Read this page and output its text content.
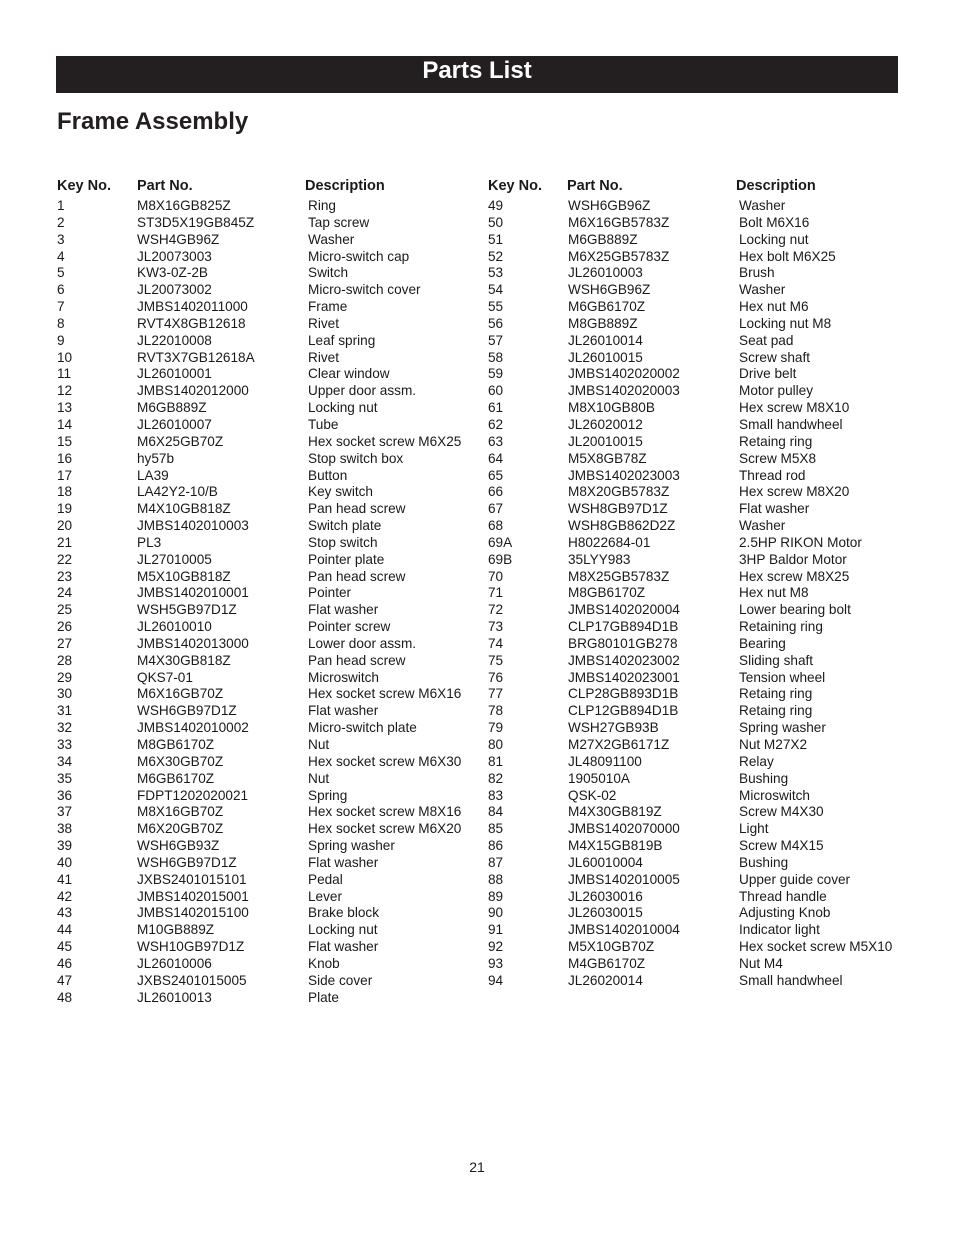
Parts List
Frame Assembly
Key No. Part No.	Description
1	M8X16GB825Z	Ring
2	ST3D5X19GB845Z	Tap screw
3	WSH4GB96Z	Washer
4	JL20073003	Micro-switch cap
5	KW3-0Z-2B	Switch
6	JL20073002	Micro-switch cover
7	JMBS1402011000	Frame
8	RVT4X8GB12618	Rivet
9	JL22010008	Leaf spring
10	RVT3X7GB12618A	Rivet
11	JL26010001	Clear window
12	JMBS1402012000	Upper door assm.
13	M6GB889Z	Locking nut
14	JL26010007	Tube
15	M6X25GB70Z	Hex socket screw M6X25
16	hy57b	Stop switch box
17	LA39	Button
18	LA42Y2-10/B	Key switch
19	M4X10GB818Z	Pan head screw
20	JMBS1402010003	Switch plate
21	PL3	Stop switch
22	JL27010005	Pointer plate
23	M5X10GB818Z	Pan head screw
24	JMBS1402010001	Pointer
25	WSH5GB97D1Z	Flat washer
26	JL26010010	Pointer screw
27	JMBS1402013000	Lower door assm.
28	M4X30GB818Z	Pan head screw
29	QKS7-01	Microswitch
30	M6X16GB70Z	Hex socket screw M6X16
31	WSH6GB97D1Z	Flat washer
32	JMBS1402010002	Micro-switch plate
33	M8GB6170Z	Nut
34	M6X30GB70Z	Hex socket screw M6X30
35	M6GB6170Z	Nut
36	FDPT1202020021	Spring
37	M8X16GB70Z	Hex socket screw M8X16
38	M6X20GB70Z	Hex socket screw M6X20
39	WSH6GB93Z	Spring washer
40	WSH6GB97D1Z	Flat washer
41	JXBS2401015101	Pedal
42	JMBS1402015001	Lever
43	JMBS1402015100	Brake block
44	M10GB889Z	Locking nut
45	WSH10GB97D1Z	Flat washer
46	JL26010006	Knob
47	JXBS2401015005	Side cover
48	JL26010013	Plate
Key No. Part No.	Description
49	WSH6GB96Z	Washer
50	M6X16GB5783Z	Bolt M6X16
51	M6GB889Z	Locking nut
52	M6X25GB5783Z	Hex bolt M6X25
53	JL26010003	Brush
54	WSH6GB96Z	Washer
55	M6GB6170Z	Hex nut M6
56	M8GB889Z	Locking nut M8
57	JL26010014	Seat pad
58	JL26010015	Screw shaft
59	JMBS1402020002	Drive belt
60	JMBS1402020003	Motor pulley
61	M8X10GB80B	Hex screw M8X10
62	JL26020012	Small handwheel
63	JL20010015	Retaing ring
64	M5X8GB78Z	Screw M5X8
65	JMBS1402023003	Thread rod
66	M8X20GB5783Z	Hex screw M8X20
67	WSH8GB97D1Z	Flat washer
68	WSH8GB862D2Z	Washer
69A	H8022684-01	2.5HP RIKON Motor
69B	35LYY983	3HP Baldor Motor
70	M8X25GB5783Z	Hex screw M8X25
71	M8GB6170Z	Hex nut M8
72	JMBS1402020004	Lower bearing bolt
73	CLP17GB894D1B	Retaining ring
74	BRG80101GB278	Bearing
75	JMBS1402023002	Sliding shaft
76	JMBS1402023001	Tension wheel
77	CLP28GB893D1B	Retaing ring
78	CLP12GB894D1B	Retaing ring
79	WSH27GB93B	Spring washer
80	M27X2GB6171Z	Nut M27X2
81	JL48091100	Relay
82	1905010A	Bushing
83	QSK-02	Microswitch
84	M4X30GB819Z	Screw M4X30
85	JMBS1402070000	Light
86	M4X15GB819B	Screw M4X15
87	JL60010004	Bushing
88	JMBS1402010005	Upper guide cover
89	JL26030016	Thread handle
90	JL26030015	Adjusting Knob
91	JMBS1402010004	Indicator light
92	M5X10GB70Z	Hex socket screw M5X10
93	M4GB6170Z	Nut M4
94	JL26020014	Small handwheel
21
